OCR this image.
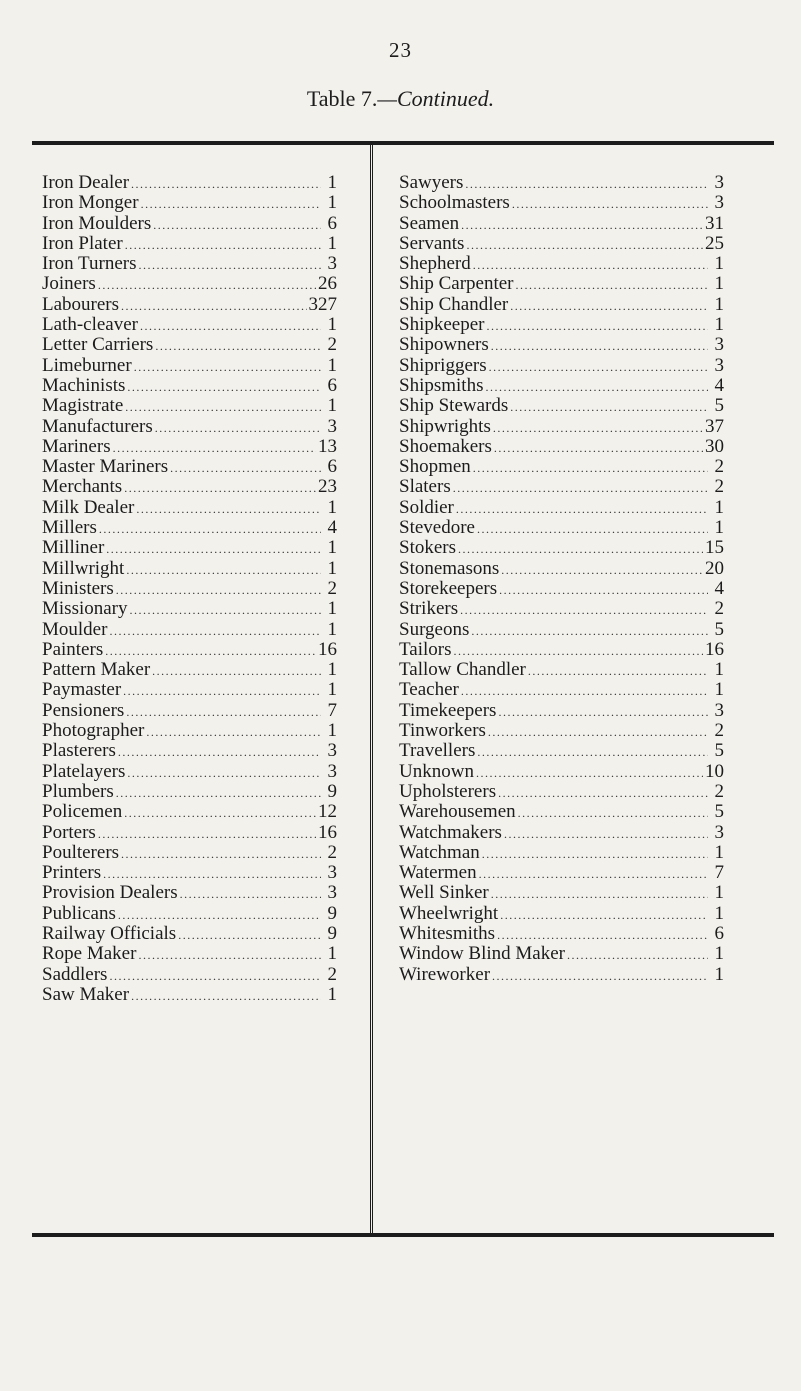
23
Table 7.—Continued.
Iron Dealer .....	1
Iron Monger .....	1
Iron Moulders .....	6
Iron Plater .....	1
Iron Turners .....	3
Joiners .....	26
Labourers .....	327
Lath-cleaver .....	1
Letter Carriers .....	2
Limeburner .....	1
Machinists .....	6
Magistrate .....	1
Manufacturers .....	3
Mariners .....	13
Master Mariners .....	6
Merchants .....	23
Milk Dealer .....	1
Millers .....	4
Milliner .....	1
Millwright .....	1
Ministers .....	2
Missionary .....	1
Moulder .....	1
Painters .....	16
Pattern Maker .....	1
Paymaster .....	1
Pensioners .....	7
Photographer .....	1
Plasterers .....	3
Platelayers .....	3
Plumbers .....	9
Policemen .....	12
Porters .....	16
Poulterers .....	2
Printers .....	3
Provision Dealers .....	3
Publicans .....	9
Railway Officials .....	9
Rope Maker .....	1
Saddlers .....	2
Saw Maker .....	1
Sawyers .....	3
Schoolmasters .....	3
Seamen .....	31
Servants .....	25
Shepherd .....	1
Ship Carpenter .....	1
Ship Chandler .....	1
Shipkeeper .....	1
Shipowners .....	3
Shipriggers .....	3
Shipsmiths .....	4
Ship Stewards .....	5
Shipwrights .....	37
Shoemakers .....	30
Shopmen .....	2
Slaters .....	2
Soldier .....	1
Stevedore .....	1
Stokers .....	15
Stonemasons .....	20
Storekeepers .....	4
Strikers .....	2
Surgeons .....	5
Tailors .....	16
Tallow Chandler .....	1
Teacher .....	1
Timekeepers .....	3
Tinworkers .....	2
Travellers .....	5
Unknown .....	10
Upholsterers .....	2
Warehousemen .....	5
Watchmakers .....	3
Watchman .....	1
Watermen .....	7
Well Sinker .....	1
Wheelwright .....	1
Whitesmiths .....	6
Window Blind Maker .....	1
Wireworker .....	1
